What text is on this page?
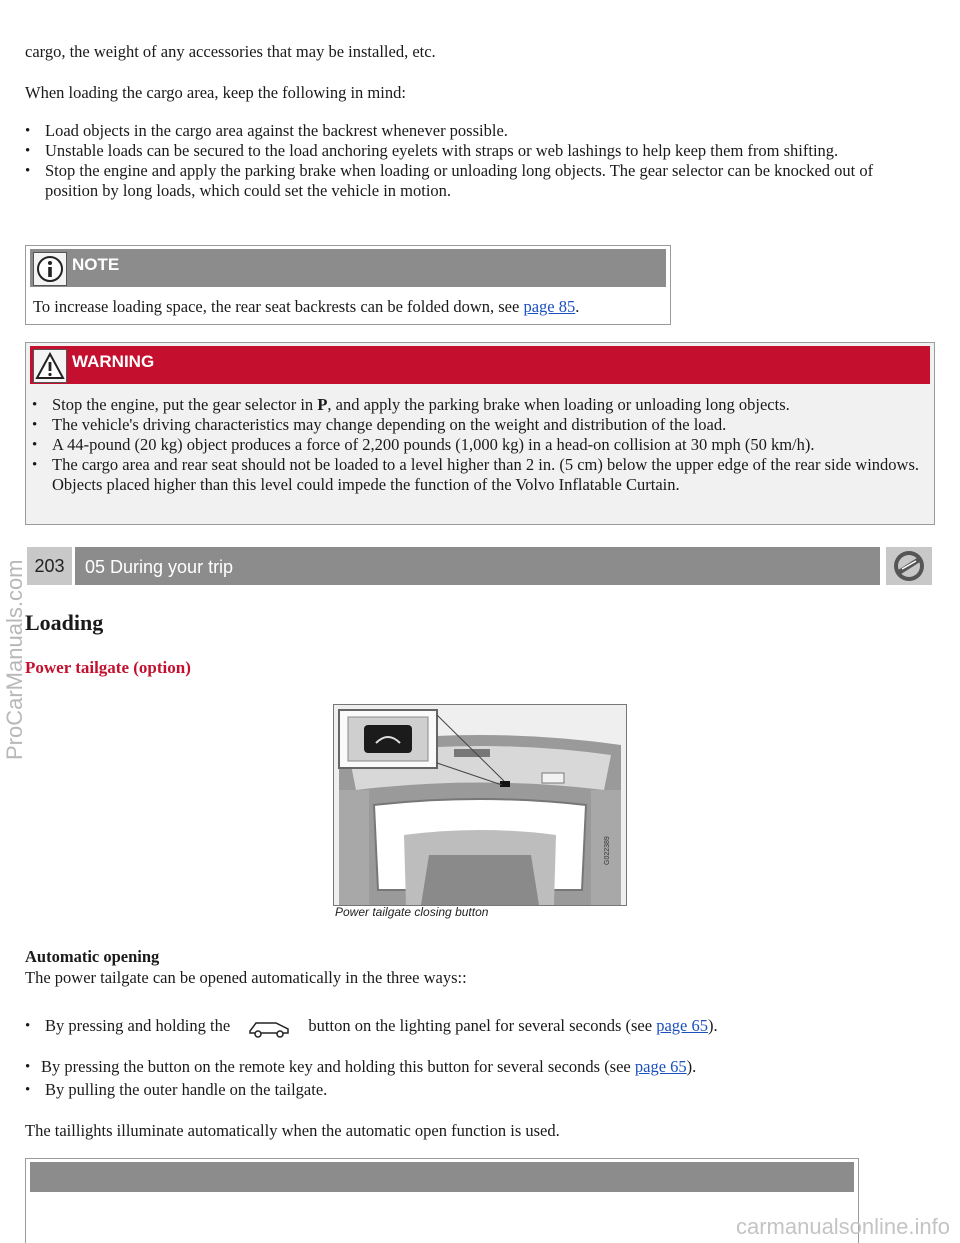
cargo, the weight of any accessories that may be installed, etc.

When loading the cargo area, keep the following in mind:

• Load objects in the cargo area against the backrest whenever possible.
• Unstable loads can be secured to the load anchoring eyelets with straps or web lashings to help keep them from shifting.
• Stop the engine and apply the parking brake when loading or unloading long objects. The gear selector can be knocked out of position by long loads, which could set the vehicle in motion.
NOTE

To increase loading space, the rear seat backrests can be folded down, see page 85.

WARNING
• Stop the engine, put the gear selector in P, and apply the parking brake when loading or unloading long objects.
• The vehicle's driving characteristics may change depending on the weight and distribution of the load.
• A 44-pound (20 kg) object produces a force of 2,200 pounds (1,000 kg) in a head-on collision at 30 mph (50 km/h).
• The cargo area and rear seat should not be loaded to a level higher than 2 in. (5 cm) below the upper edge of the rear side windows. Objects placed higher than this level could impede the function of the Volvo Inflatable Curtain.
203	05 During your trip
Loading
Power tailgate (option)
G022389
Power tailgate closing button
Automatic opening

The power tailgate can be opened automatically in the three ways::

• By pressing and holding the	button on the lighting panel for several seconds (see page 65).
• By pressing the button on the remote key and holding this button for several seconds (see page 65).
• By pulling the outer handle on the tailgate.

The taillights illuminate automatically when the automatic open function is used.

ProCarManuals.com
carmanualsonline.info
